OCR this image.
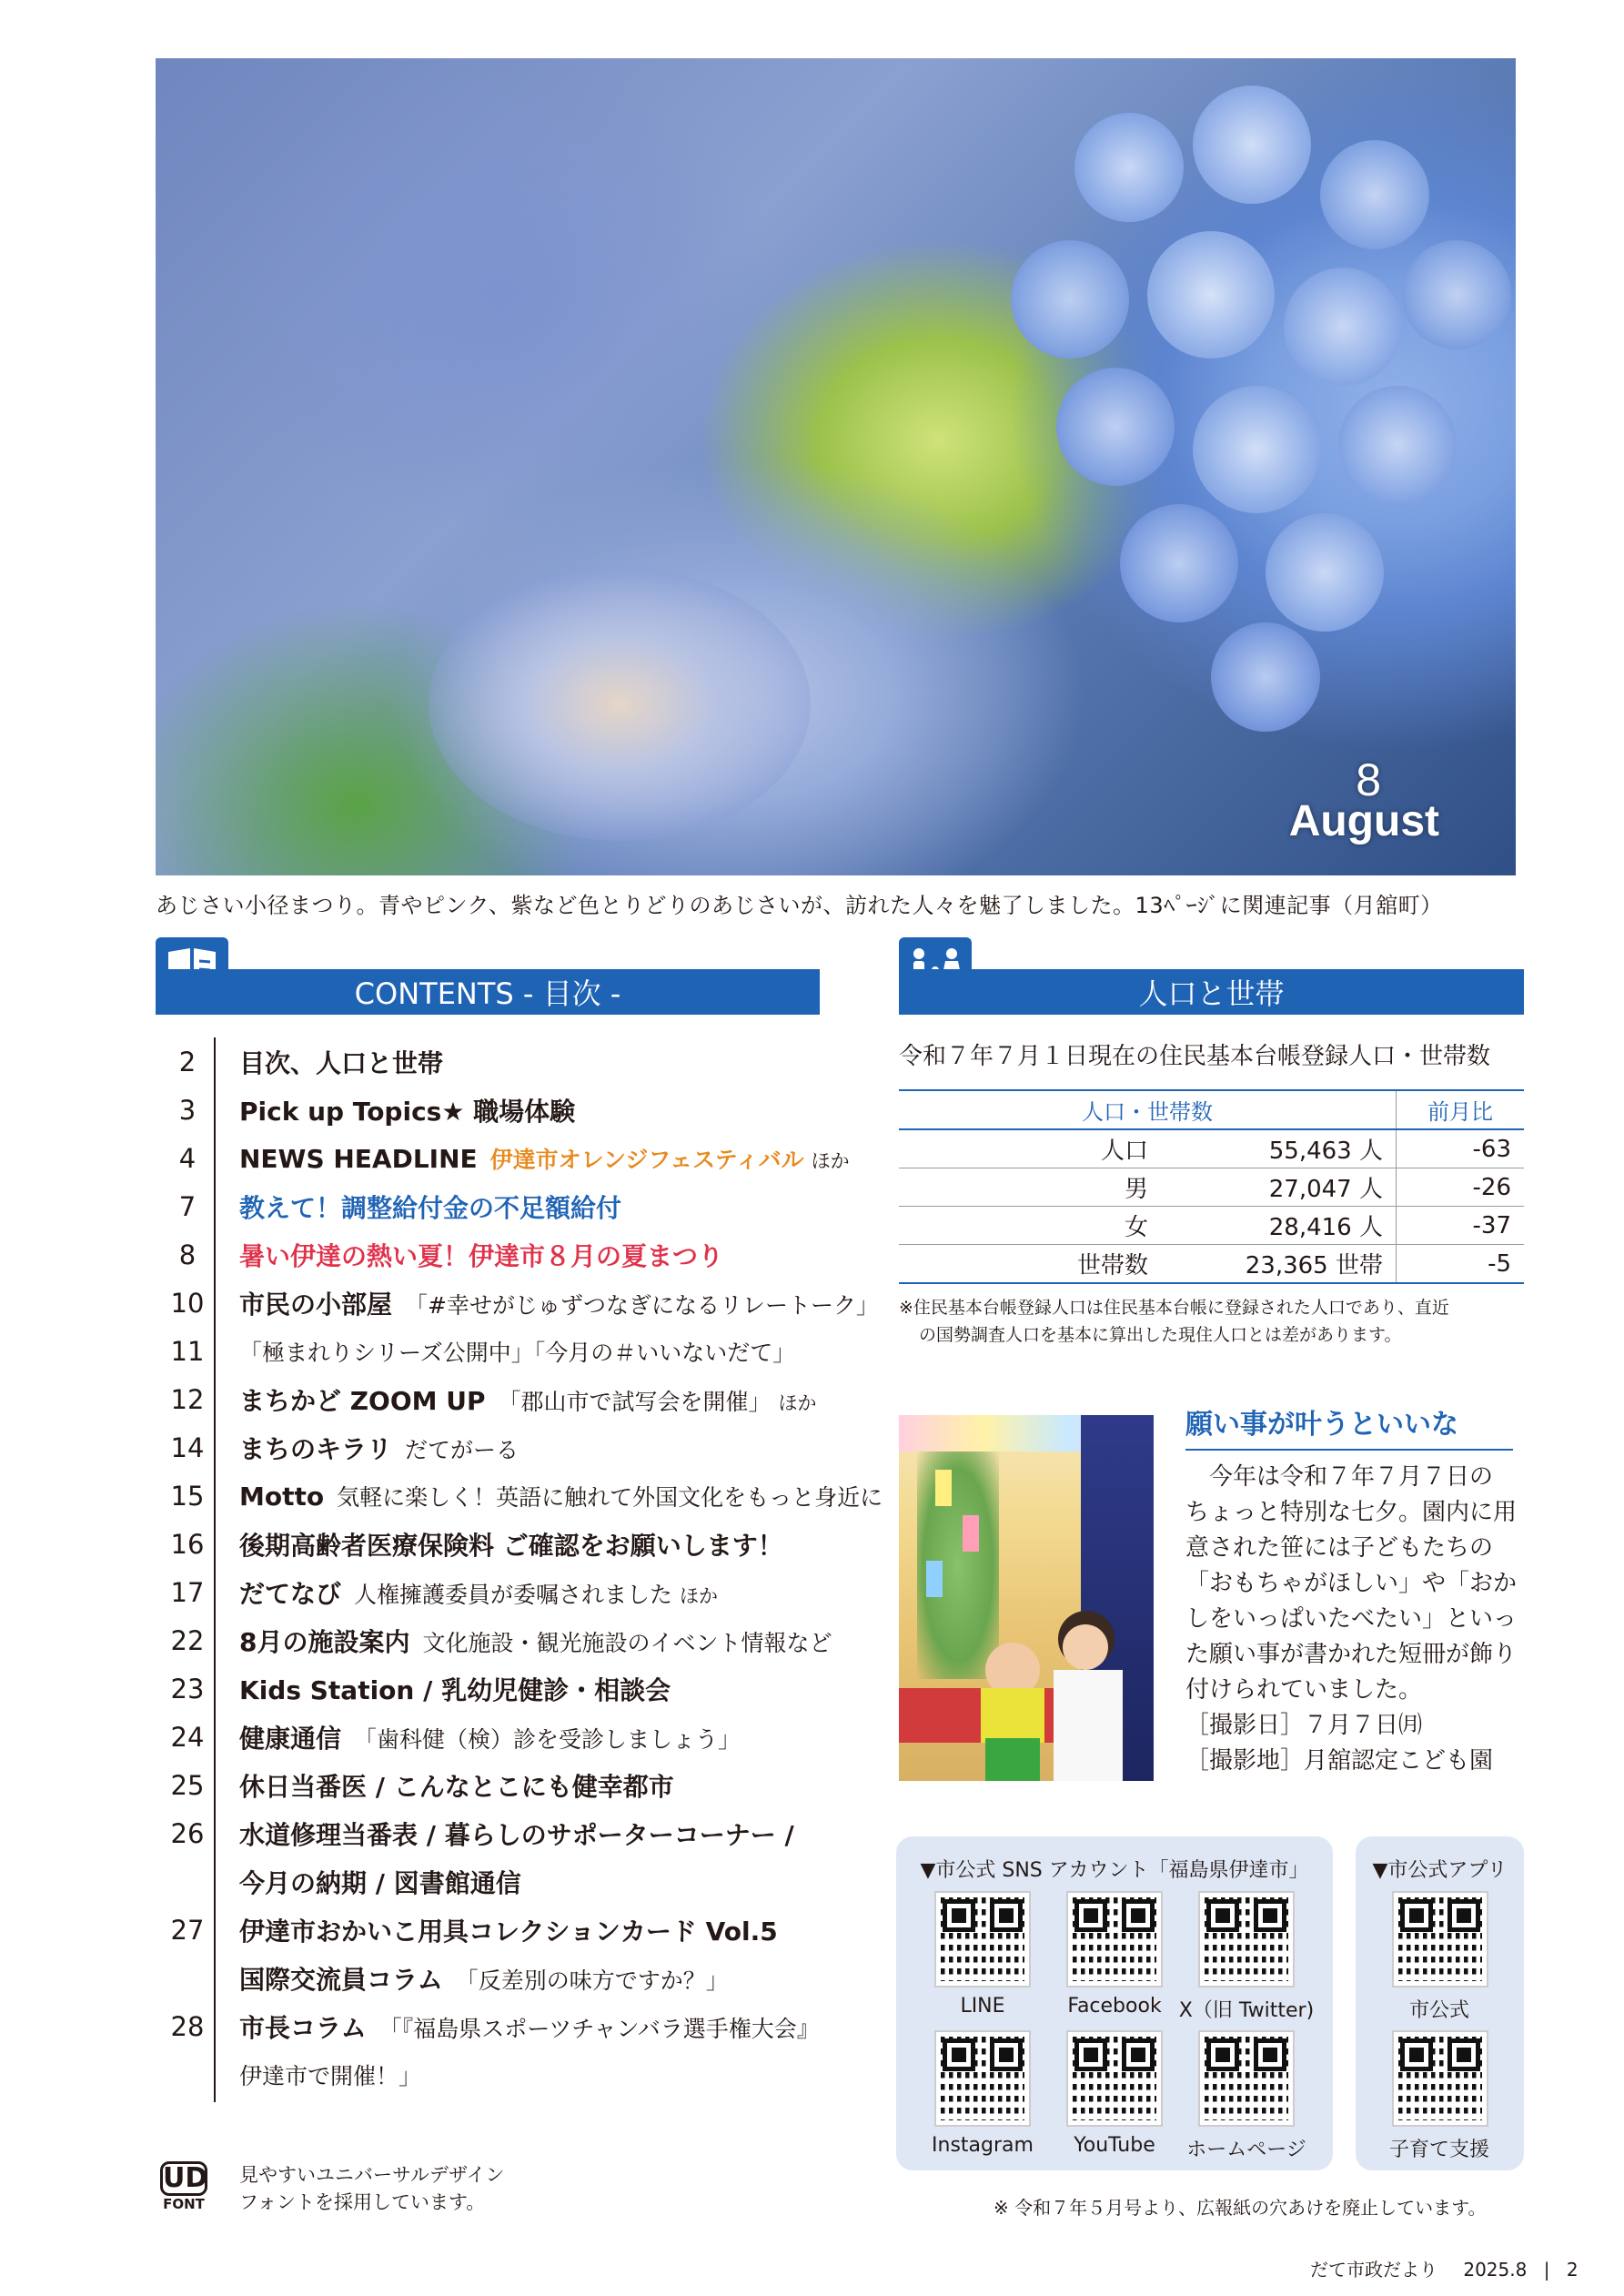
8
August
あじさい小径まつり。青やピンク、紫など色とりどりのあじさいが、訪れた人々を魅了しました。13ﾍﾟｰｼﾞに関連記事（月舘町）
CONTENTS - 目次 -
2	目次、人口と世帯
3	Pick up Topics★ 職場体験
4	NEWS HEADLINE 伊達市オレンジフェスティバル ほか
7	教えて！調整給付金の不足額給付
8	暑い伊達の熱い夏！伊達市８月の夏まつり
10	市民の小部屋 「#幸せがじゅずつなぎになるリレートーク」
11	「極まれりシリーズ公開中」「今月の＃いいないだて」
12	まちかど ZOOM UP 「郡山市で試写会を開催」 ほか
14	まちのキラリ だてがーる
15	Motto 気軽に楽しく！英語に触れて外国文化をもっと身近に
16	後期高齢者医療保険料 ご確認をお願いします！
17	だてなび 人権擁護委員が委嘱されました ほか
22	8月の施設案内 文化施設・観光施設のイベント情報など
23	Kids Station / 乳幼児健診・相談会
24	健康通信 「歯科健（検）診を受診しましょう」
25	休日当番医 / こんなとこにも健幸都市
26	水道修理当番表 / 暮らしのサポーターコーナー /
今月の納期 / 図書館通信
27	伊達市おかいこ用具コレクションカード Vol.5
国際交流員コラム 「反差別の味方ですか？」
28	市長コラム 「『福島県スポーツチャンバラ選手権大会』
伊達市で開催！」
人口と世帯
令和７年７月１日現在の住民基本台帳登録人口・世帯数
人口・世帯数		前月比
人口	55,463 人	-63
男	27,047 人	-26
女	28,416 人	-37
世帯数	23,365 世帯	-5
※住民基本台帳登録人口は住民基本台帳に登録された人口であり、直近
の国勢調査人口を基本に算出した現住人口とは差があります。
願い事が叶うといいな
今年は令和７年７月７日の
ちょっと特別な七夕。園内に用
意された笹には子どもたちの
「おもちゃがほしい」や「おか
しをいっぱいたべたい」といっ
た願い事が書かれた短冊が飾り
付けられていました。
［撮影日］７月７日㈪
［撮影地］月舘認定こども園
▼市公式 SNS アカウント「福島県伊達市」
LINE	Facebook X（旧 Twitter)
Instagram	YouTube	ホームページ
▼市公式アプリ
市公式
子育て支援
※ 令和７年５月号より、広報紙の穴あけを廃止しています。
UD
FONT
見やすいユニバーサルデザイン
フォントを採用しています。
だて市政だより 2025.8 | 2
